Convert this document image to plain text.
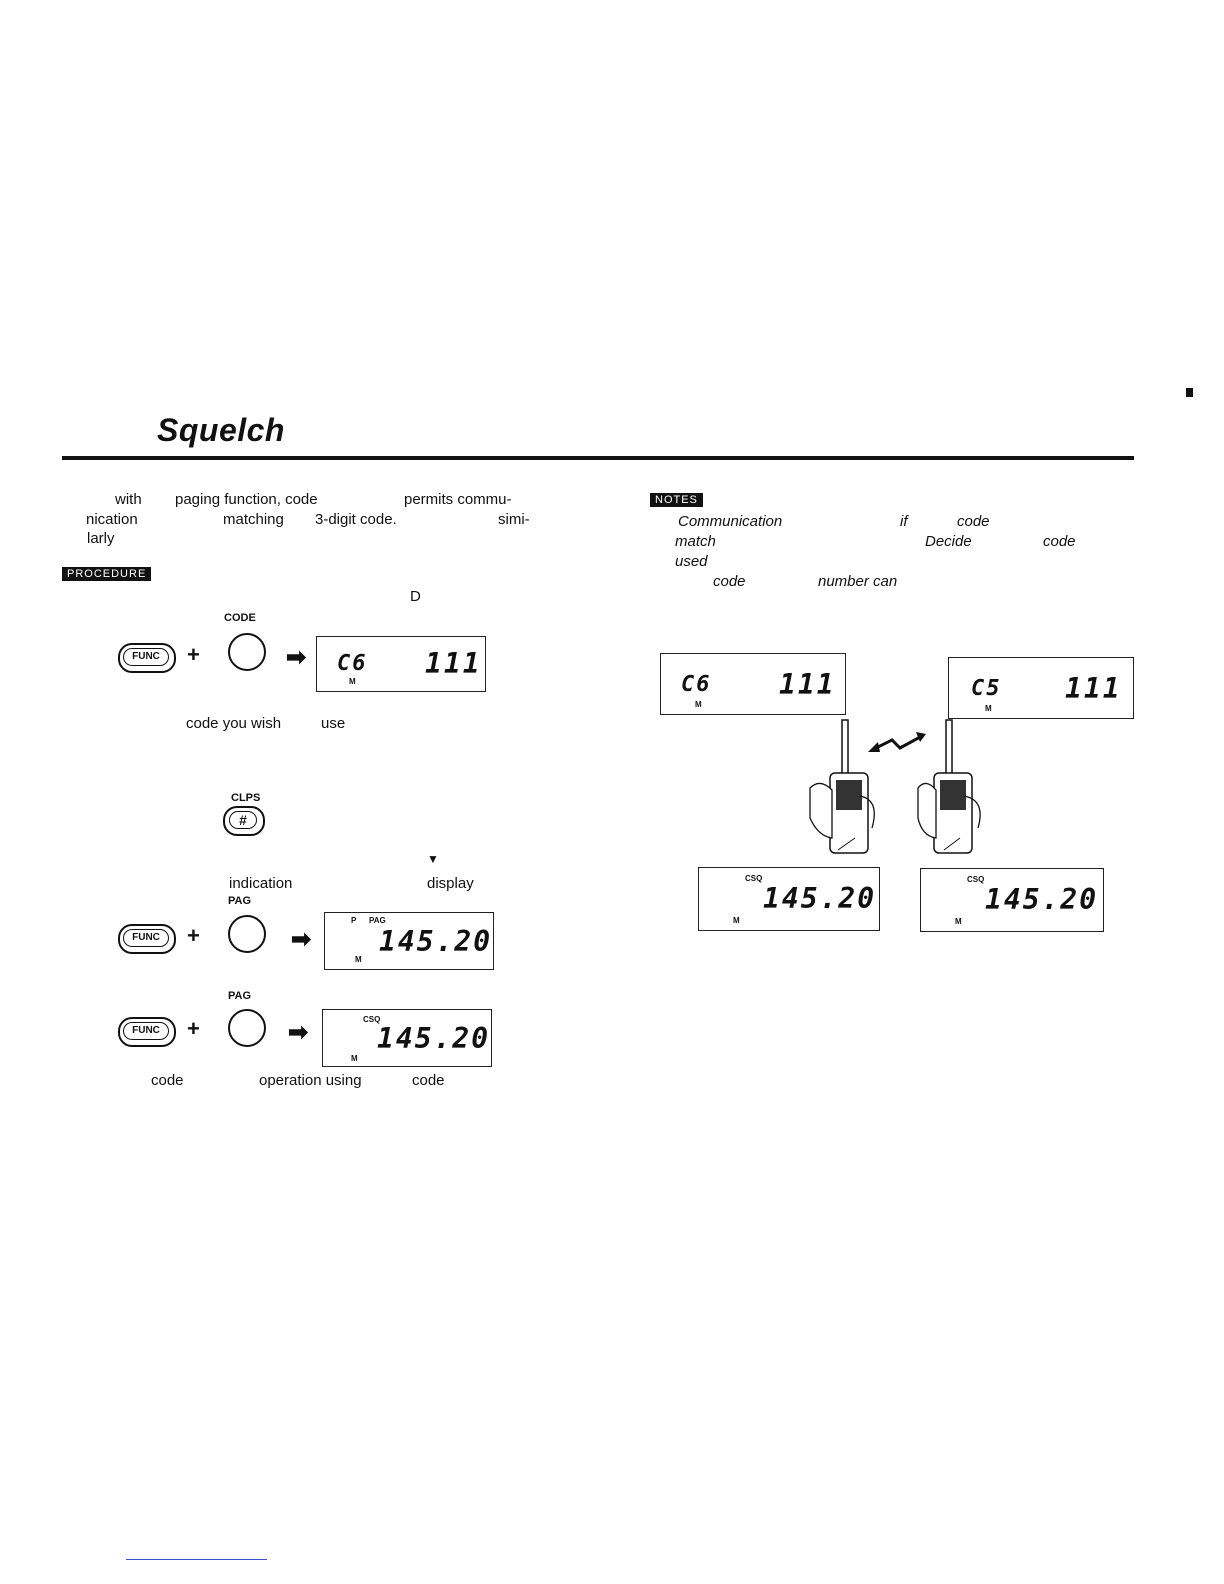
Squelch
with paging function, code	permits commu-
nication	matching 3-digit code.	simi-
larly
PROCEDURE
D
FUNC	+
CODE
➡ C6 111
M
code you wish	use
CLPS
#
▼
indication	display
FUNC	+
PAG
➡
P PAG
145.20
M
FUNC	+
PAG
➡	CSQ
145.20
M
code	operation using	code
NOTES
Communication	if	code
match	Decide	code
used
code	number can
C6 111
M
C5 111
M
CSQ
145.20
M
CSQ
145.20
M
